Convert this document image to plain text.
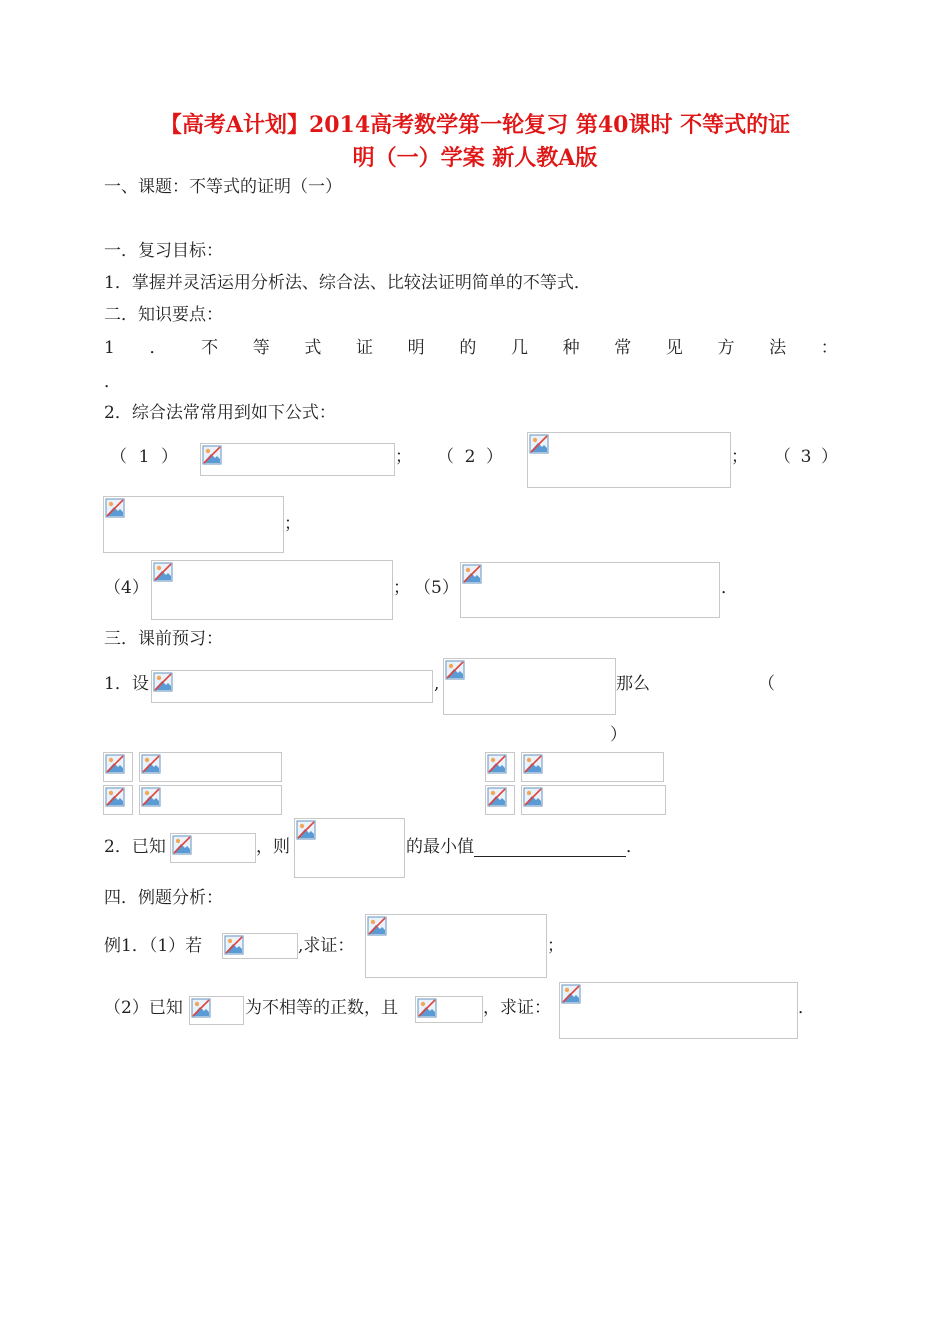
【高考A计划】2014高考数学第一轮复习 第40课时 不等式的证
明（一）学案 新人教A版
一、课题：不等式的证明（一）
一．复习目标：
1．掌握并灵活运用分析法、综合法、比较法证明简单的不等式．
二．知识要点：
1 ． 不 等 式 证 明 的 几 种 常 见 方 法 ：
．
2．综合法常常用到如下公式：
（ 1 ）	； （ 2 ）	； （ 3 ）
；
（4）	； （5）	．
三．课前预习：
1．设	,	那么	（
）
2．已知	，则	的最小值	．
四．例题分析：
例1．（1）若	,求证：	；
（2）已知	为不相等的正数，且	，求证：	．
